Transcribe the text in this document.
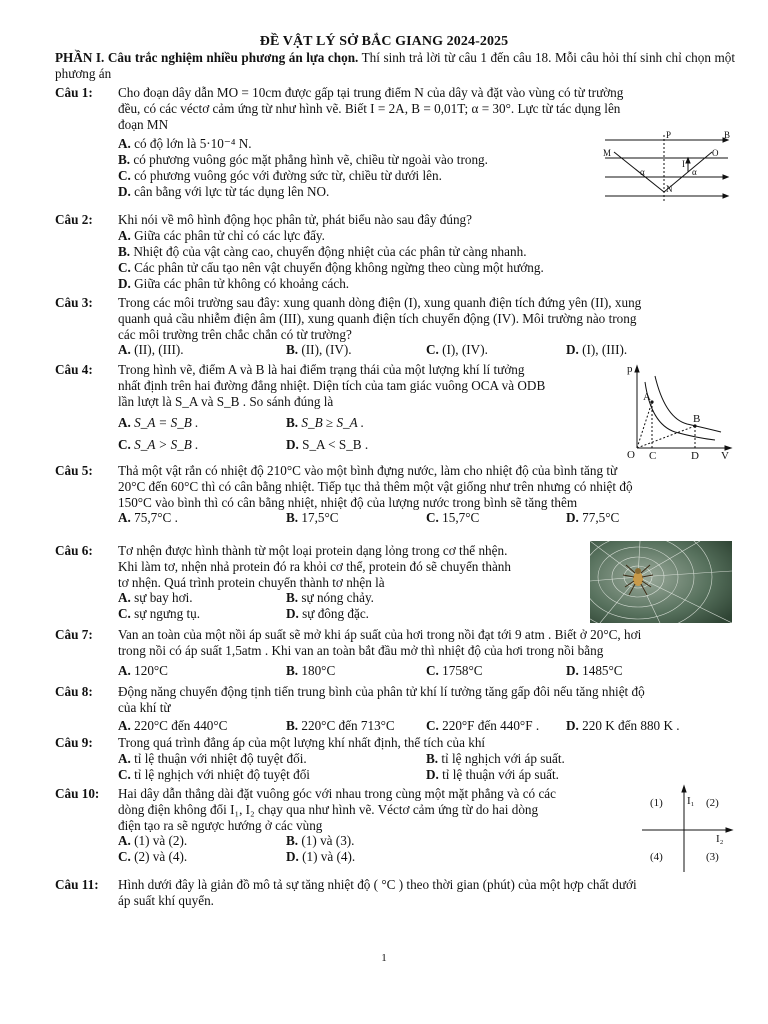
ĐỀ VẬT LÝ SỞ BẮC GIANG 2024-2025
PHẦN I. Câu trắc nghiệm nhiều phương án lựa chọn. Thí sinh trả lời từ câu 1 đến câu 18. Mỗi câu hỏi thí sinh chỉ chọn một phương án
Câu 1: Cho đoạn dây dẫn MO = 10cm được gấp tại trung điểm N của dây và đặt vào vùng có từ trường
đều, có các véctơ cảm ứng từ như hình vẽ. Biết I = 2A, B = 0,01T; α = 30°. Lực từ tác dụng lên
đoạn MN
A. có độ lớn là 5·10⁻⁴ N.
B. có phương vuông góc mặt phẳng hình vẽ, chiều từ ngoài vào trong.
C. có phương vuông góc với đường sức từ, chiều từ dưới lên.
D. cân bằng với lực từ tác dụng lên NO.
P	B
M	O
α	α
I
N
Câu 2: Khi nói về mô hình động học phân tử, phát biểu nào sau đây đúng?
A. Giữa các phân tử chỉ có các lực đẩy.
B. Nhiệt độ của vật càng cao, chuyển động nhiệt của các phân tử càng nhanh.
C. Các phân tử cấu tạo nên vật chuyển động không ngừng theo cùng một hướng.
D. Giữa các phân tử không có khoảng cách.
Câu 3: Trong các môi trường sau đây: xung quanh dòng điện (I), xung quanh điện tích đứng yên (II), xung
quanh quả cầu nhiễm điện âm (III), xung quanh điện tích chuyển động (IV). Môi trường nào trong
các môi trường trên chắc chắn có từ trường?
A. (II), (III).	B. (II), (IV).	C. (I), (IV).	D. (I), (III).
Câu 4: Trong hình vẽ, điểm A và B là hai điểm trạng thái của một lượng khí lí tưởng
nhất định trên hai đường đẳng nhiệt. Diện tích của tam giác vuông OCA và ODB
lần lượt là S_A và S_B . So sánh đúng là
A. S_A = S_B .	B. S_B ≥ S_A .
C. S_A > S_B .	D. S_A < S_B .
p
A
B
O C	D V
Câu 5: Thả một vật rắn có nhiệt độ 210°C vào một bình đựng nước, làm cho nhiệt độ của bình tăng từ
20°C đến 60°C thì có cân bằng nhiệt. Tiếp tục thả thêm một vật giống như trên nhưng có nhiệt độ
150°C vào bình thì có cân bằng nhiệt, nhiệt độ của lượng nước trong bình sẽ tăng thêm
A. 75,7°C .	B. 17,5°C	C. 15,7°C	D. 77,5°C
Câu 6: Tơ nhện được hình thành từ một loại protein dạng lỏng trong cơ thể nhện.
Khi làm tơ, nhện nhả protein đó ra khỏi cơ thể, protein đó sẽ chuyển thành
tơ nhện. Quá trình protein chuyển thành tơ nhện là
A. sự bay hơi.	B. sự nóng chảy.
C. sự ngưng tụ.	D. sự đông đặc.
Câu 7: Van an toàn của một nồi áp suất sẽ mở khi áp suất của hơi trong nồi đạt tới 9 atm . Biết ở 20°C, hơi
trong nồi có áp suất 1,5atm . Khi van an toàn bắt đầu mở thì nhiệt độ của hơi trong nồi bằng
A. 120°C	B. 180°C	C. 1758°C	D. 1485°C
Câu 8: Động năng chuyển động tịnh tiến trung bình của phân tử khí lí tưởng tăng gấp đôi nếu tăng nhiệt độ
của khí từ
A. 220°C đến 440°C	B. 220°C đến 713°C C. 220°F đến 440°F . D. 220 K đến 880 K .
Câu 9: Trong quá trình đẳng áp của một lượng khí nhất định, thể tích của khí
A. tỉ lệ thuận với nhiệt độ tuyệt đối.	B. tỉ lệ nghịch với áp suất.
C. tỉ lệ nghịch với nhiệt độ tuyệt đối	D. tỉ lệ thuận với áp suất.
Câu 10: Hai dây dẫn thẳng dài đặt vuông góc với nhau trong cùng một mặt phẳng và có các
dòng điện không đổi I₁, I₂ chạy qua như hình vẽ. Véctơ cảm ứng từ do hai dòng
điện tạo ra sẽ ngược hướng ở các vùng
A. (1) và (2).	B. (1) và (3).
C. (2) và (4).	D. (1) và (4).
(1) I₁ (2)
I₂
(4)	(3)
Câu 11: Hình dưới đây là giản đồ mô tả sự tăng nhiệt độ ( °C ) theo thời gian (phút) của một hợp chất dưới
áp suất khí quyển.
1
